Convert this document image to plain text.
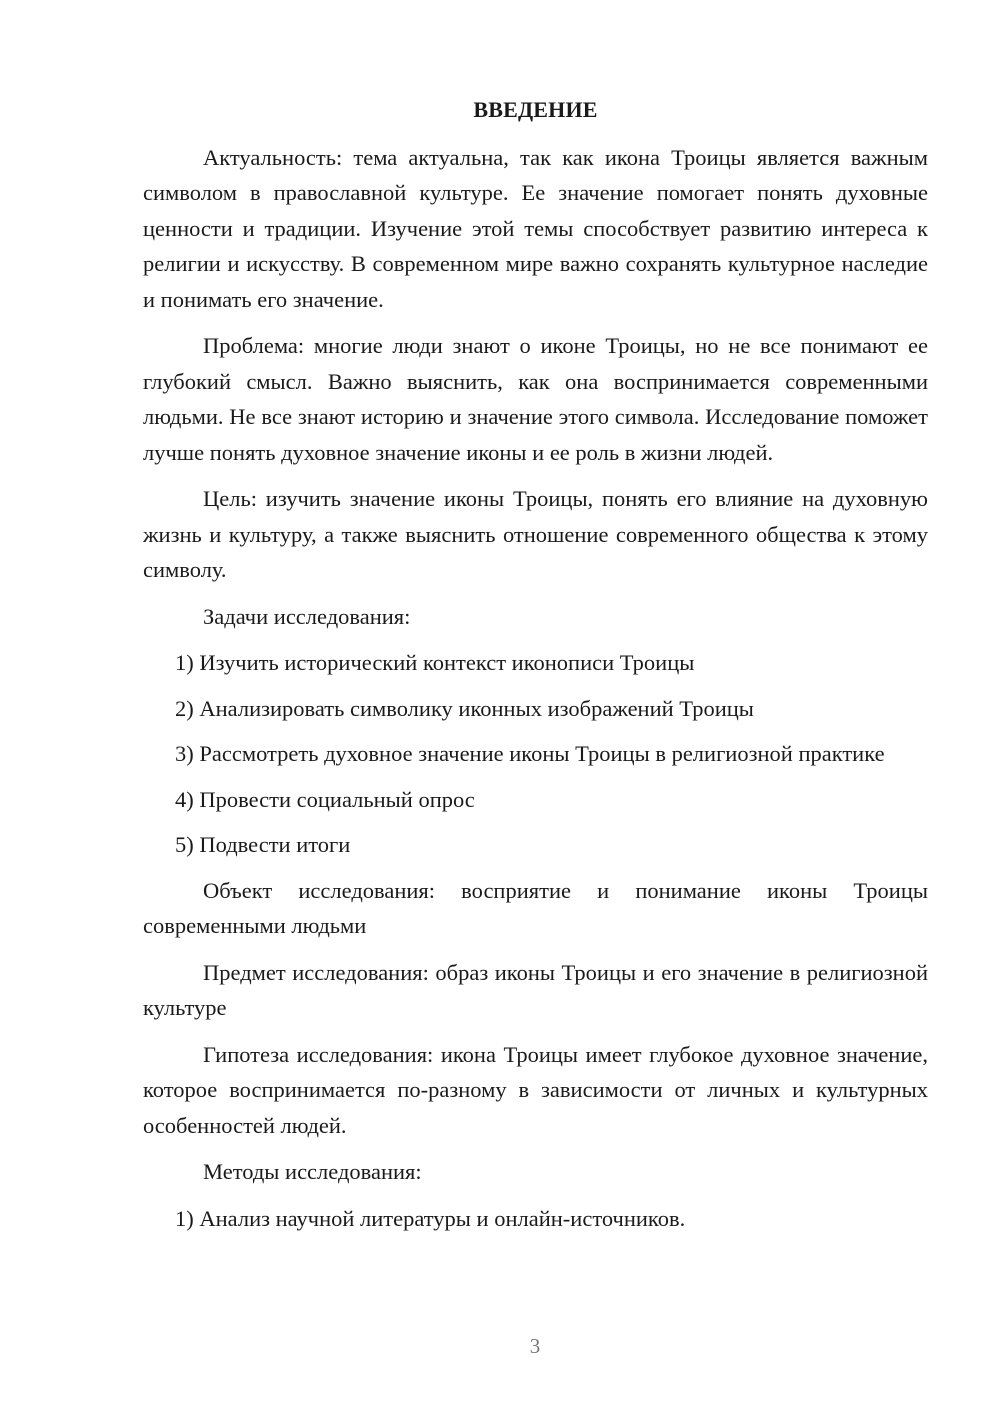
ВВЕДЕНИЕ

Актуальность: тема актуальна, так как икона Троицы является важным символом в православной культуре. Ее значение помогает понять духовные ценности и традиции. Изучение этой темы способствует развитию интереса к религии и искусству. В современном мире важно сохранять культурное наследие и понимать его значение.

Проблема: многие люди знают о иконе Троицы, но не все понимают ее глубокий смысл. Важно выяснить, как она воспринимается современными людьми. Не все знают историю и значение этого символа. Исследование поможет лучше понять духовное значение иконы и ее роль в жизни людей.

Цель: изучить значение иконы Троицы, понять его влияние на духовную жизнь и культуру, а также выяснить отношение современного общества к этому символу.

Задачи исследования:

1) Изучить исторический контекст иконописи Троицы

2) Анализировать символику иконных изображений Троицы

3) Рассмотреть духовное значение иконы Троицы в религиозной практике

4) Провести социальный опрос

5) Подвести итоги

Объект исследования: восприятие и понимание иконы Троицы современными людьми

Предмет исследования: образ иконы Троицы и его значение в религиозной культуре

Гипотеза исследования: икона Троицы имеет глубокое духовное значение, которое воспринимается по-разному в зависимости от личных и культурных особенностей людей.

Методы исследования:

1) Анализ научной литературы и онлайн-источников.

3
